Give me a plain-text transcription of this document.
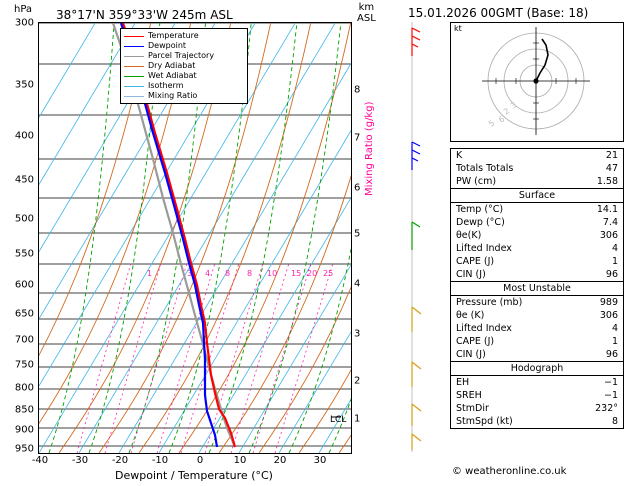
hPa 38°17'N 359°33'W 245m ASL
km
ASL
300
350
400
450
500
550
600
650
700
750
800
850
900
950
1	3 4 8 8 10 15 20 25
-40 -30 -20 -10	0	10	20	30
Dewpoint / Temperature (°C)
1
2
3
4
5
6
7
8
Mixing Ratio (g/kg)
LCL
Temperature
Dewpoint
Parcel Trajectory
Dry Adiabat
Wet Adiabat
Isotherm
Mixing Ratio
15.01.2026 00GMT (Base: 18)
kt
2
3
5 6
K	21
Totals Totals	47
PW (cm)	1.58
Surface
Temp (°C)	14.1
Dewp (°C)	7.4
θe(K)	306
Lifted Index	4
CAPE (J)	1
CIN (J)	96
Most Unstable
Pressure (mb)	989
θe (K)	306
Lifted Index	4
CAPE (J)	1
CIN (J)	96
Hodograph
EH	−1
SREH	−1
StmDir	232°
StmSpd (kt)	8
© weatheronline.co.uk
